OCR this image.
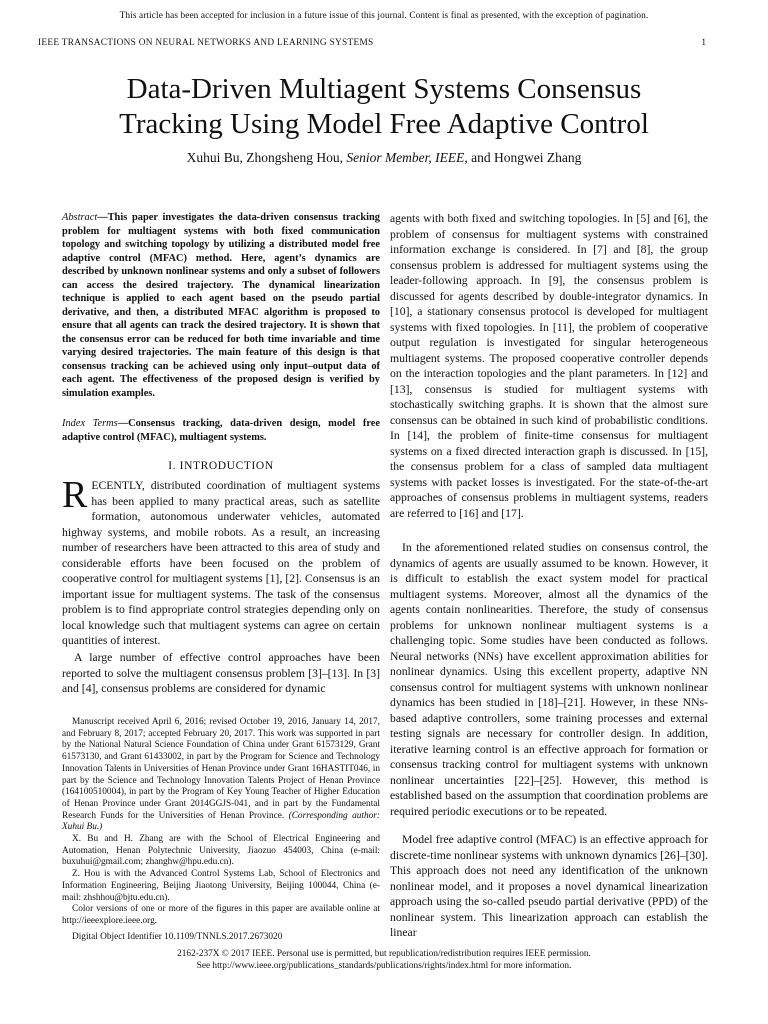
This article has been accepted for inclusion in a future issue of this journal. Content is final as presented, with the exception of pagination.
IEEE TRANSACTIONS ON NEURAL NETWORKS AND LEARNING SYSTEMS	1
Data-Driven Multiagent Systems Consensus
Tracking Using Model Free Adaptive Control
Xuhui Bu, Zhongsheng Hou, Senior Member, IEEE, and Hongwei Zhang
Abstract—This paper investigates the data-driven consensus tracking problem for multiagent systems with both fixed communication topology and switching topology by utilizing a distributed model free adaptive control (MFAC) method. Here, agent’s dynamics are described by unknown nonlinear systems and only a subset of followers can access the desired trajectory. The dynamical linearization technique is applied to each agent based on the pseudo partial derivative, and then, a distributed MFAC algorithm is proposed to ensure that all agents can track the desired trajectory. It is shown that the consensus error can be reduced for both time invariable and time varying desired trajectories. The main feature of this design is that consensus tracking can be achieved using only input–output data of each agent. The effectiveness of the proposed design is verified by simulation examples.
Index Terms—Consensus tracking, data-driven design, model free adaptive control (MFAC), multiagent systems.
I. INTRODUCTION
RECENTLY, distributed coordination of multiagent systems has been applied to many practical areas, such as satellite formation, autonomous underwater vehicles, automated highway systems, and mobile robots. As a result, an increasing number of researchers have been attracted to this area of study and considerable efforts have been focused on the problem of cooperative control for multiagent systems [1], [2]. Consensus is an important issue for multiagent systems. The task of the consensus problem is to find appropriate control strategies depending only on local knowledge such that multiagent systems can agree on certain quantities of interest.
A large number of effective control approaches have been reported to solve the multiagent consensus problem [3]–[13]. In [3] and [4], consensus problems are considered for dynamic

Manuscript received April 6, 2016; revised October 19, 2016, January 14, 2017, and February 8, 2017; accepted February 20, 2017. This work was supported in part by the National Natural Science Foundation of China under Grant 61573129, Grant 61573130, and Grant 61433002, in part by the Program for Science and Technology Innovation Talents in Universities of Henan Province under Grant 16HASTIT046, in part by the Science and Technology Innovation Talents Project of Henan Province (164100510004), in part by the Program of Key Young Teacher of Higher Education of Henan Province under Grant 2014GGJS-041, and in part by the Fundamental Research Funds for the Universities of Henan Province. (Corresponding author: Xuhui Bu.)

X. Bu and H. Zhang are with the School of Electrical Engineering and Automation, Henan Polytechnic University, Jiaozuo 454003, China (e-mail: buxuhui@gmail.com; zhanghw@hpu.edu.cn).

Z. Hou is with the Advanced Control Systems Lab, School of Electronics and Information Engineering, Beijing Jiaotong University, Beijing 100044, China (e-mail: zhshhou@bjtu.edu.cn).

Color versions of one or more of the figures in this paper are available online at http://ieeexplore.ieee.org.

Digital Object Identifier 10.1109/TNNLS.2017.2673020

agents with both fixed and switching topologies. In [5] and [6], the problem of consensus for multiagent systems with constrained information exchange is considered. In [7] and [8], the group consensus problem is addressed for multiagent systems using the leader-following approach. In [9], the consensus problem is discussed for agents described by double-integrator dynamics. In [10], a stationary consensus protocol is developed for multiagent systems with fixed topologies. In [11], the problem of cooperative output regulation is investigated for singular heterogeneous multiagent systems. The proposed cooperative controller depends on the interaction topologies and the plant parameters. In [12] and [13], consensus is studied for multiagent systems with stochastically switching graphs. It is shown that the almost sure consensus can be obtained in such kind of probabilistic conditions. In [14], the problem of finite-time consensus for multiagent systems on a fixed directed interaction graph is discussed. In [15], the consensus problem for a class of sampled data multiagent systems with packet losses is investigated. For the state-of-the-art approaches of consensus problems in multiagent systems, readers are referred to [16] and [17].
In the aforementioned related studies on consensus control, the dynamics of agents are usually assumed to be known. However, it is difficult to establish the exact system model for practical multiagent systems. Moreover, almost all the dynamics of the agents contain nonlinearities. Therefore, the study of consensus problems for unknown nonlinear multiagent systems is a challenging topic. Some studies have been conducted as follows. Neural networks (NNs) have excellent approximation abilities for nonlinear dynamics. Using this excellent property, adaptive NN consensus control for multiagent systems with unknown nonlinear dynamics has been studied in [18]–[21]. However, in these NNs-based adaptive controllers, some training processes and external testing signals are necessary for controller design. In addition, iterative learning control is an effective approach for formation or consensus tracking control for multiagent systems with unknown nonlinear uncertainties [22]–[25]. However, this method is established based on the assumption that coordination problems are required periodic executions or to be repeated.
Model free adaptive control (MFAC) is an effective approach for discrete-time nonlinear systems with unknown dynamics [26]–[30]. This approach does not need any identification of the unknown nonlinear model, and it proposes a novel dynamical linearization approach using the so-called pseudo partial derivative (PPD) of the nonlinear system. This linearization approach can establish the linear
2162-237X © 2017 IEEE. Personal use is permitted, but republication/redistribution requires IEEE permission.
See http://www.ieee.org/publications_standards/publications/rights/index.html for more information.
